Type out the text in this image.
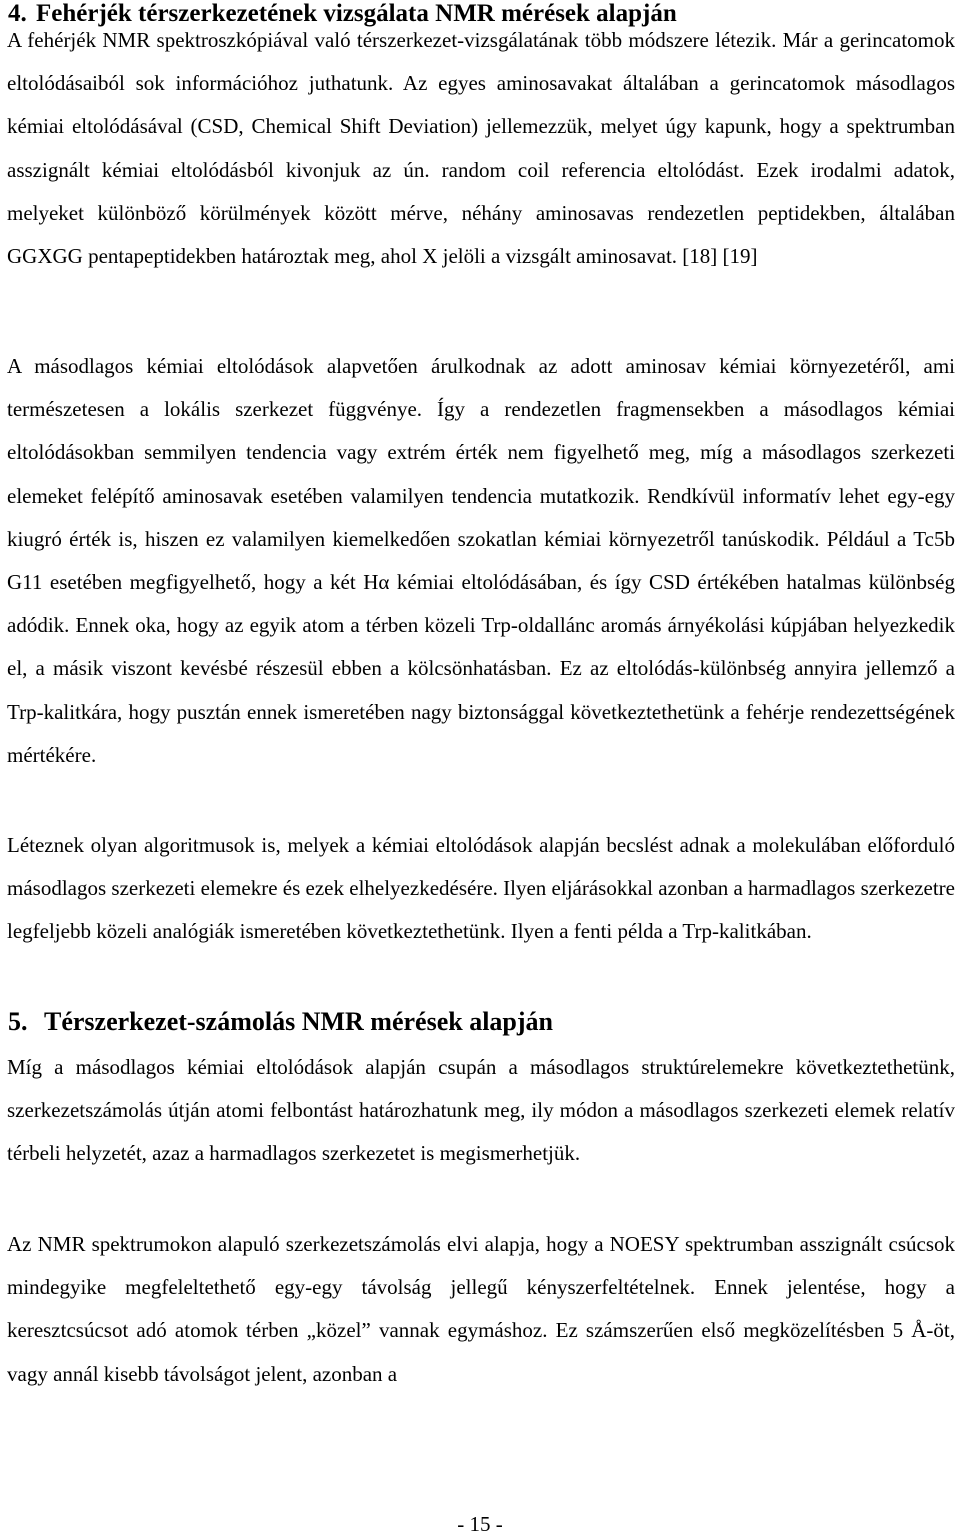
4. Fehérjék térszerkezetének vizsgálata NMR mérések alapján

A fehérjék NMR spektroszkópiával való térszerkezet-vizsgálatának több módszere létezik. Már a gerincatomok eltolódásaiból sok információhoz juthatunk. Az egyes aminosavakat általában a gerincatomok másodlagos kémiai eltolódásával (CSD, Chemical Shift Deviation) jellemezzük, melyet úgy kapunk, hogy a spektrumban asszignált kémiai eltolódásból kivonjuk az ún. random coil referencia eltolódást. Ezek irodalmi adatok, melyeket különböző körülmények között mérve, néhány aminosavas rendezetlen peptidekben, általában GGXGG pentapeptidekben határoztak meg, ahol X jelöli a vizsgált aminosavat. [18] [19]

A másodlagos kémiai eltolódások alapvetően árulkodnak az adott aminosav kémiai környezetéről, ami természetesen a lokális szerkezet függvénye. Így a rendezetlen fragmensekben a másodlagos kémiai eltolódásokban semmilyen tendencia vagy extrém érték nem figyelhető meg, míg a másodlagos szerkezeti elemeket felépítő aminosavak esetében valamilyen tendencia mutatkozik. Rendkívül informatív lehet egy-egy kiugró érték is, hiszen ez valamilyen kiemelkedően szokatlan kémiai környezetről tanúskodik. Például a Tc5b G11 esetében megfigyelhető, hogy a két Hα kémiai eltolódásában, és így CSD értékében hatalmas különbség adódik. Ennek oka, hogy az egyik atom a térben közeli Trp-oldallánc aromás árnyékolási kúpjában helyezkedik el, a másik viszont kevésbé részesül ebben a kölcsönhatásban. Ez az eltolódás-különbség annyira jellemző a Trp-kalitkára, hogy pusztán ennek ismeretében nagy biztonsággal következtethetünk a fehérje rendezettségének mértékére.

Léteznek olyan algoritmusok is, melyek a kémiai eltolódások alapján becslést adnak a molekulában előforduló másodlagos szerkezeti elemekre és ezek elhelyezkedésére. Ilyen eljárásokkal azonban a harmadlagos szerkezetre legfeljebb közeli analógiák ismeretében következtethetünk. Ilyen a fenti példa a Trp-kalitkában.

5. Térszerkezet-számolás NMR mérések alapján

Míg a másodlagos kémiai eltolódások alapján csupán a másodlagos struktúrelemekre következtethetünk, szerkezetszámolás útján atomi felbontást határozhatunk meg, ily módon a másodlagos szerkezeti elemek relatív térbeli helyzetét, azaz a harmadlagos szerkezetet is megismerhetjük.

Az NMR spektrumokon alapuló szerkezetszámolás elvi alapja, hogy a NOESY spektrumban asszignált csúcsok mindegyike megfeleltethető egy-egy távolság jellegű kényszerfeltételnek. Ennek jelentése, hogy a keresztcsúcsot adó atomok térben „közel” vannak egymáshoz. Ez számszerűen első megközelítésben 5 Å-öt, vagy annál kisebb távolságot jelent, azonban a

- 15 -
